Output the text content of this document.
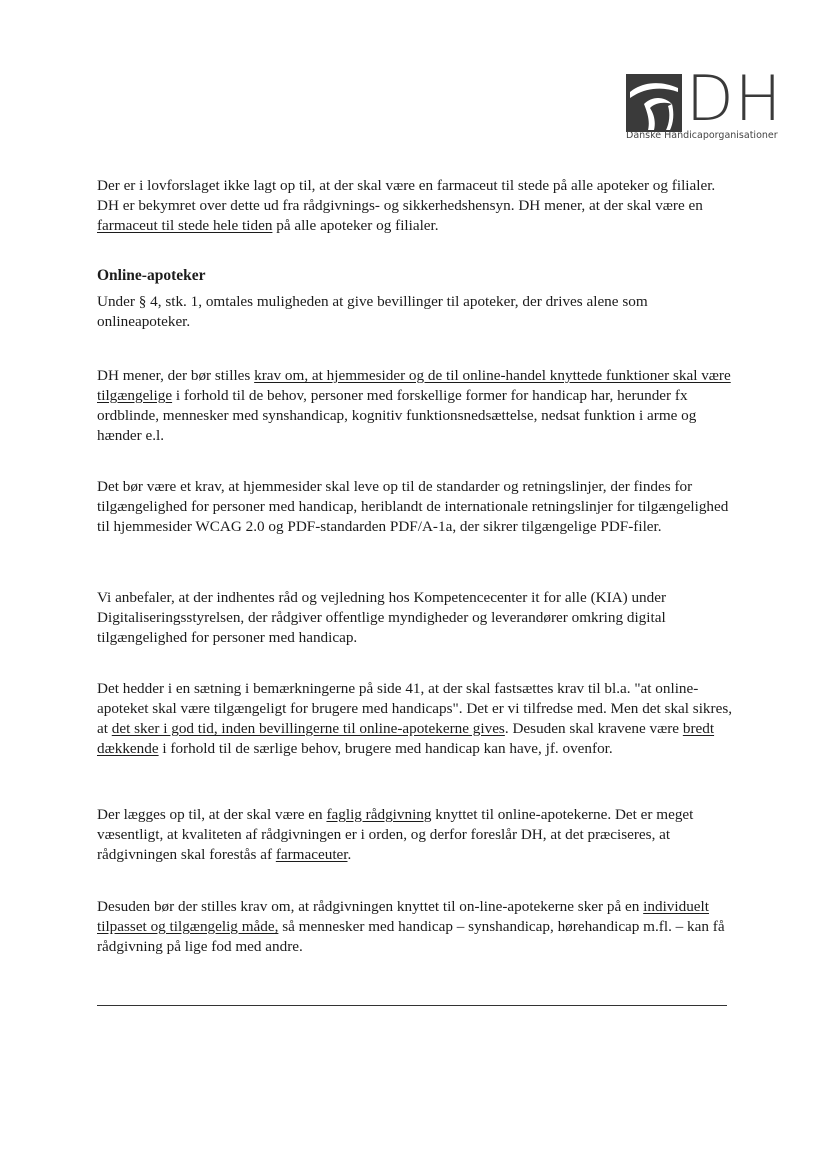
DH
Danske Handicaporganisationer

Der er i lovforslaget ikke lagt op til, at der skal være en farmaceut til stede på alle apoteker og filialer. DH er bekymret over dette ud fra rådgivnings- og sikkerhedshensyn. DH mener, at der skal være en farmaceut til stede hele tiden på alle apoteker og filialer.

Online-apoteker

Under § 4, stk. 1, omtales muligheden at give bevillinger til apoteker, der drives alene som onlineapoteker.

DH mener, der bør stilles krav om, at hjemmesider og de til online-handel knyttede funktioner skal være tilgængelige i forhold til de behov, personer med forskellige former for handicap har, herunder fx ordblinde, mennesker med synshandicap, kognitiv funktionsnedsættelse, nedsat funktion i arme og hænder e.l.

Det bør være et krav, at hjemmesider skal leve op til de standarder og retningslinjer, der findes for tilgængelighed for personer med handicap, heriblandt de internationale retningslinjer for tilgængelighed til hjemmesider WCAG 2.0 og PDF-standarden PDF/A-1a, der sikrer tilgængelige PDF-filer.

Vi anbefaler, at der indhentes råd og vejledning hos Kompetencecenter it for alle (KIA) under Digitaliseringsstyrelsen, der rådgiver offentlige myndigheder og leverandører omkring digital tilgængelighed for personer med handicap.

Det hedder i en sætning i bemærkningerne på side 41, at der skal fastsættes krav til bl.a. "at online-apoteket skal være tilgængeligt for brugere med handicaps". Det er vi tilfredse med. Men det skal sikres, at det sker i god tid, inden bevillingerne til online-apotekerne gives. Desuden skal kravene være bredt dækkende i forhold til de særlige behov, brugere med handicap kan have, jf. ovenfor.

Der lægges op til, at der skal være en faglig rådgivning knyttet til online-apotekerne. Det er meget væsentligt, at kvaliteten af rådgivningen er i orden, og derfor foreslår DH, at det præciseres, at rådgivningen skal forestås af farmaceuter.

Desuden bør der stilles krav om, at rådgivningen knyttet til on-line-apotekerne sker på en individuelt tilpasset og tilgængelig måde, så mennesker med handicap – synshandicap, hørehandicap m.fl. – kan få rådgivning på lige fod med andre.
